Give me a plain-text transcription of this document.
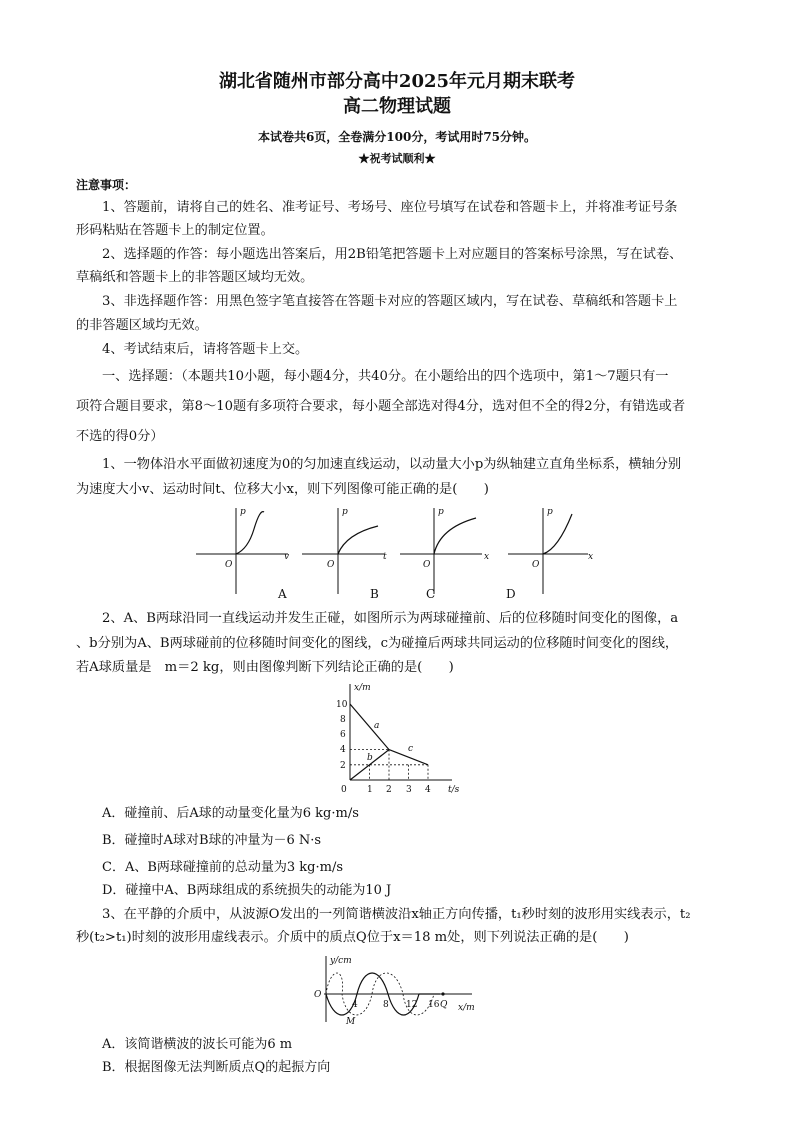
湖北省随州市部分高中2025年元月期末联考
高二物理试题
本试卷共6页，全卷满分100分，考试用时75分钟。
★祝考试顺利★
注意事项：
1、答题前，请将自己的姓名、准考证号、考场号、座位号填写在试卷和答题卡上，并将准考证号条
形码粘贴在答题卡上的制定位置。
2、选择题的作答：每小题选出答案后，用2B铅笔把答题卡上对应题目的答案标号涂黑，写在试卷、
草稿纸和答题卡上的非答题区域均无效。
3、非选择题作答：用黑色签字笔直接答在答题卡对应的答题区域内，写在试卷、草稿纸和答题卡上
的非答题区域均无效。
4、考试结束后，请将答题卡上交。
一、选择题：（本题共10小题，每小题4分，共40分。在小题给出的四个选项中，第1～7题只有一
项符合题目要求，第8～10题有多项符合要求，每小题全部选对得4分，选对但不全的得2分，有错选或者
不选的得0分）
1、一物体沿水平面做初速度为0的匀加速直线运动，以动量大小p为纵轴建立直角坐标系，横轴分别
为速度大小v、运动时间t、位移大小x，则下列图像可能正确的是(　　)
p
v
O
A
p
t
O
B
p
x
O
C
p
x
O
D
2、A、B两球沿同一直线运动并发生正碰，如图所示为两球碰撞前、后的位移随时间变化的图像，a
、b分别为A、B两球碰前的位移随时间变化的图线，c为碰撞后两球共同运动的位移随时间变化的图线，
若A球质量是　m＝2 kg，则由图像判断下列结论正确的是(　　)
x/m
t/s
0
10
8
6
4
2
1 2 3 4
a
b
c
A．碰撞前、后A球的动量变化量为6 kg·m/s
B．碰撞时A球对B球的冲量为－6 N·s
C．A、B两球碰撞前的总动量为3 kg·m/s
D．碰撞中A、B两球组成的系统损失的动能为10 J
3、在平静的介质中，从波源O发出的一列简谐横波沿x轴正方向传播，t₁秒时刻的波形用实线表示，t₂
秒(t₂>t₁)时刻的波形用虚线表示。介质中的质点Q位于x＝18 m处，则下列说法正确的是(　　)
y/cm
x/m
O
4	8 12 16 Q
M
A．该简谐横波的波长可能为6 m
B．根据图像无法判断质点Q的起振方向
